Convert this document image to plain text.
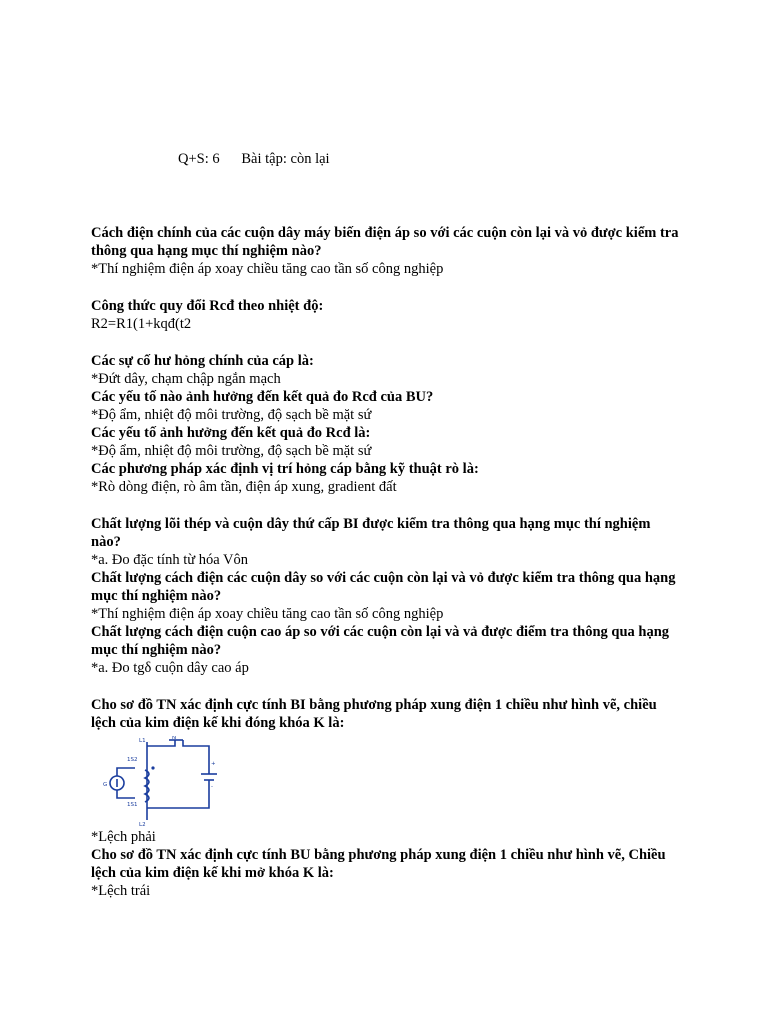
Q+S: 6 Bài tập: còn lại
Cách điện chính của các cuộn dây máy biến điện áp so với các cuộn còn lại và vỏ được kiểm tra thông qua hạng mục thí nghiệm nào?
*Thí nghiệm điện áp xoay chiều tăng cao tần số công nghiệp
Công thức quy đổi Rcđ theo nhiệt độ:
R2=R1(1+kqđ(t2
Các sự cố hư hỏng chính của cáp là:
*Đứt dây, chạm chập ngắn mạch
Các yếu tố nào ảnh hưởng đến kết quả đo Rcđ của BU?
*Độ ẩm, nhiệt độ môi trường, độ sạch bề mặt sứ
Các yếu tố ảnh hưởng đến kết quả đo Rcđ là:
*Độ ẩm, nhiệt độ môi trường, độ sạch bề mặt sứ
Các phương pháp xác định vị trí hỏng cáp bằng kỹ thuật rò là:
*Rò dòng điện, rò âm tần, điện áp xung, gradient đất
Chất lượng lõi thép và cuộn dây thứ cấp BI được kiểm tra thông qua hạng mục thí nghiệm nào?
*a. Đo đặc tính từ hóa Vôn
Chất lượng cách điện các cuộn dây so với các cuộn còn lại và vỏ được kiểm tra thông qua hạng mục thí nghiệm nào?
*Thí nghiệm điện áp xoay chiều tăng cao tần số công nghiệp
Chất lượng cách điện cuộn cao áp so với các cuộn còn lại và vả được điểm tra thông qua hạng mục thí nghiệm nào?
*a. Đo tgδ cuộn dây cao áp
Cho sơ đồ TN xác định cực tính BI bằng phương pháp xung điện 1 chiều như hình vẽ, chiều lệch của kim điện kế khi đóng khóa K là:
N
L1
1S2
1S1
G
L2
+
-
*Lệch phải
Cho sơ đồ TN xác định cực tính BU bằng phương pháp xung điện 1 chiều như hình vẽ, Chiều lệch của kim điện kế khi mở khóa K là:
*Lệch trái
